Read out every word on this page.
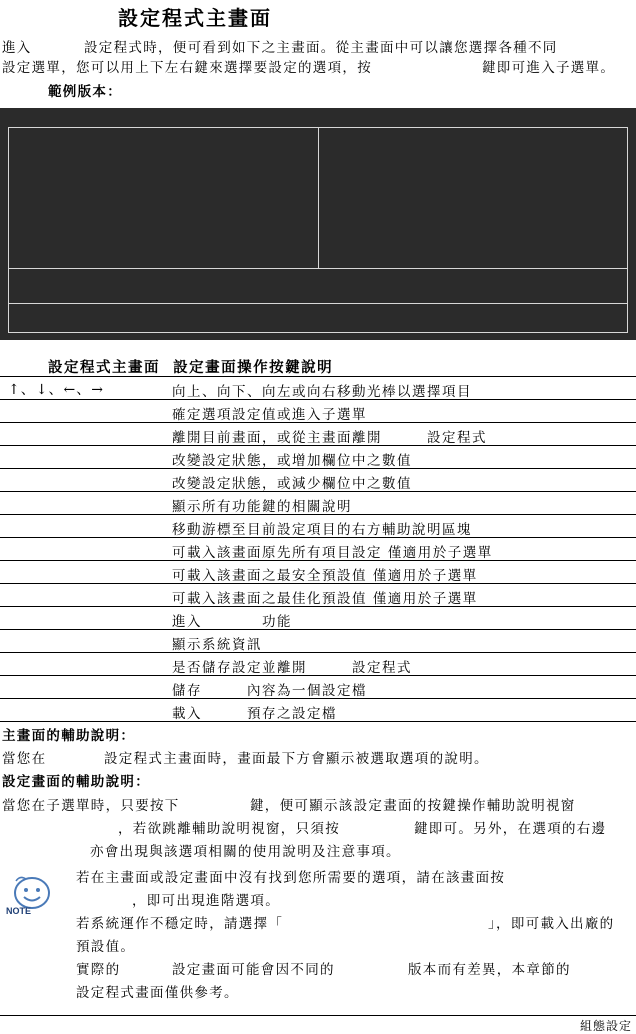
設定程式主畫面
進入	設定程式時，便可看到如下之主畫面。從主畫面中可以讓您選擇各種不同
設定選單，您可以用上下左右鍵來選擇要設定的選項，按	鍵即可進入子選單。
範例版本：
設定程式主畫面 設定畫面操作按鍵說明
↑、↓、←、→	向上、向下、向左或向右移動光棒以選擇項目
確定選項設定值或進入子選單
離開目前畫面，或從主畫面離開　　　設定程式
改變設定狀態，或增加欄位中之數值
改變設定狀態，或減少欄位中之數值
顯示所有功能鍵的相關說明
移動游標至目前設定項目的右方輔助說明區塊
可載入該畫面原先所有項目設定 僅適用於子選單
可載入該畫面之最安全預設值 僅適用於子選單
可載入該畫面之最佳化預設值 僅適用於子選單
進入　　　　功能
顯示系統資訊
是否儲存設定並離開　　　設定程式
儲存　　　內容為一個設定檔
載入　　　預存之設定檔
主畫面的輔助說明：
當您在	設定程式主畫面時，畫面最下方會顯示被選取選項的說明。
設定畫面的輔助說明：
當您在子選單時，只要按下	鍵，便可顯示該設定畫面的按鍵操作輔助說明視窗
，若欲跳離輔助說明視窗，只須按	鍵即可。另外，在選項的右邊
亦會出現與該選項相關的使用說明及注意事項。
NOTE
若在主畫面或設定畫面中沒有找到您所需要的選項，請在該畫面按
，即可出現進階選項。
若系統運作不穩定時，請選擇「	」，即可載入出廠的
預設值。
實際的	設定畫面可能會因不同的	版本而有差異，本章節的
設定程式畫面僅供參考。
組態設定
